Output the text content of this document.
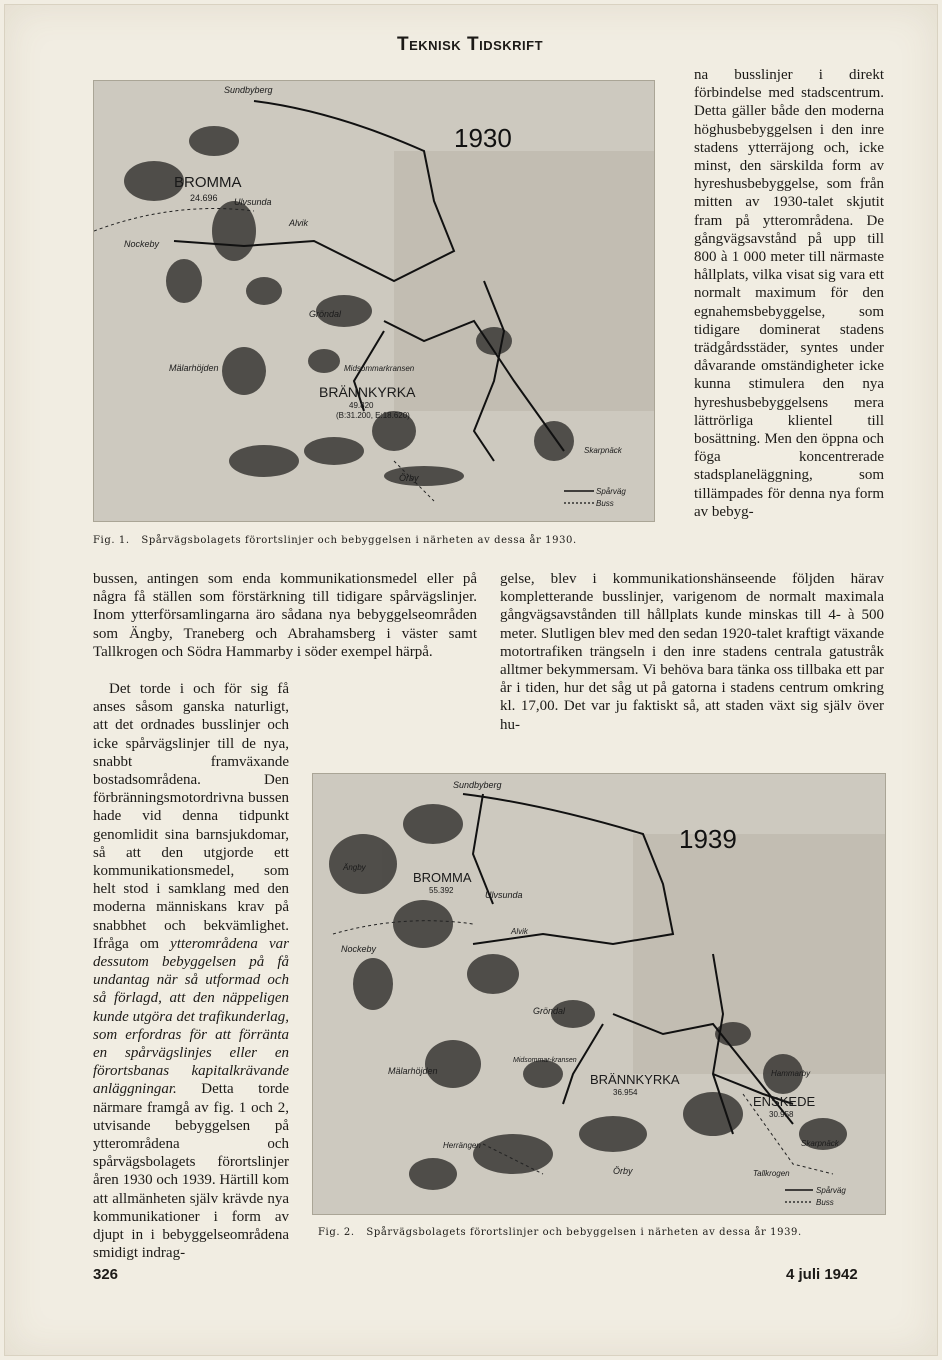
Teknisk Tidskrift
1930
Sundbyberg
BROMMA
24.696 Ulvsunda
Alvik
Nockeby
Gröndal
Midsommarkransen
Mälarhöjden
BRÄNNKYRKA
49.820
(B:31.200, E:18.620)
Skarpnäck
Örby
Spårväg
Buss
Fig. 1. Spårvägsbolagets förortslinjer och bebyggelsen i närheten av dessa år 1930.

na busslinjer i direkt förbindelse med stadscentrum. Detta gäller både den moderna höghusbebyggelsen i den inre stadens ytterräjong och, icke minst, den särskilda form av hyreshusbebyggelse, som från mitten av 1930-talet skjutit fram på ytterområdena. De gångvägsavstånd på upp till 800 à 1 000 meter till närmaste hållplats, vilka visat sig vara ett normalt maximum för den egnahemsbebyggelse, som tidigare dominerat stadens trädgårdsstäder, syntes under dåvarande omständigheter icke kunna stimulera den nya hyreshusbebyggelsens mera lättrörliga klientel till bosättning. Men den öppna och föga koncentrerade stadsplaneläggning, som tillämpades för denna nya form av bebyg-

gelse, blev i kommunikationshänseende följden härav kompletterande busslinjer, varigenom de normalt maximala gångvägsavstånden till hållplats kunde minskas till 4- à 500 meter. Slutligen blev med den sedan 1920-talet kraftigt växande motortrafiken trängseln i den inre stadens centrala gatustråk alltmer bekymmersam. Vi behöva bara tänka oss tillbaka ett par år i tiden, hur det såg ut på gatorna i stadens centrum omkring kl. 17,00. Det var ju faktiskt så, att staden växt sig själv över hu-

bussen, antingen som enda kommunikationsmedel eller på några få ställen som förstärkning till tidigare spårvägslinjer. Inom ytterförsamlingarna äro sådana nya bebyggelseområden som Ängby, Traneberg och Abrahamsberg i väster samt Tallkrogen och Södra Hammarby i söder exempel härpå.

Det torde i och för sig få anses såsom ganska naturligt, att det ordnades busslinjer och icke spårvägslinjer till de nya, snabbt framväxande bostadsområdena. Den förbränningsmotordrivna bussen hade vid denna tidpunkt genomlidit sina barnsjukdomar, så att den utgjorde ett kommunikationsmedel, som helt stod i samklang med den moderna människans krav på snabbhet och bekvämlighet. Ifråga om ytterområdena var dessutom bebyggelsen på få undantag när så utformad och så förlagd, att den näppeligen kunde utgöra det trafikunderlag, som erfordras för att förränta en spårvägslinjes eller en förortsbanas kapitalkrävande anläggningar. Detta torde närmare framgå av fig. 1 och 2, utvisande bebyggelsen på ytterområdena och spårvägsbolagets förortslinjer åren 1930 och 1939. Härtill kom att allmänheten själv krävde nya kommunikationer i form av djupt in i bebyggelseområdena smidigt indrag-

1939
Sundbyberg
Ängby
BROMMA
55.392	Ulvsunda
Alvik
Nockeby
Gröndal
Mälarhöjden
Midsommar-kransen
BRÄNNKYRKA
36.954
Hammarby
ENSKEDE
30.958
Skarpnäck
Tallkrogen
Herrängen
Örby
Spårväg
Buss
Fig. 2. Spårvägsbolagets förortslinjer och bebyggelsen i närheten av dessa år 1939.
326	4 juli 1942
